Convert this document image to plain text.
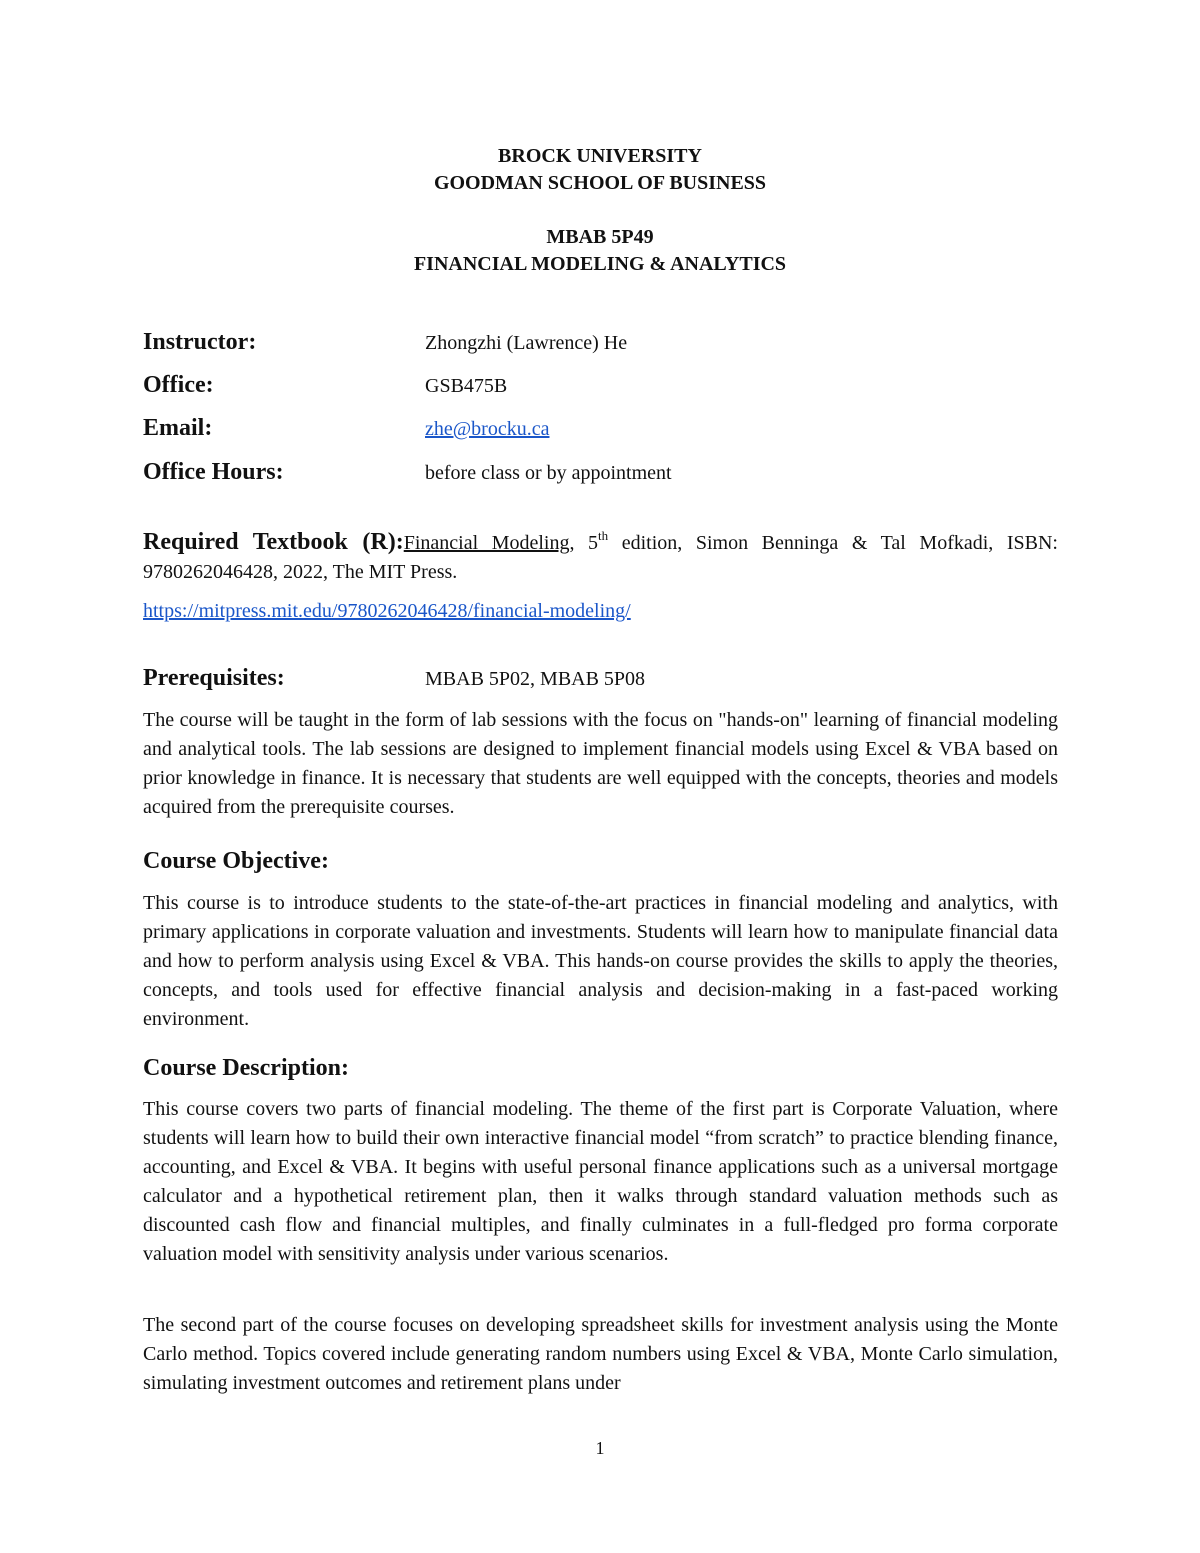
BROCK UNIVERSITY
GOODMAN SCHOOL OF BUSINESS
MBAB 5P49
FINANCIAL MODELING & ANALYTICS
Instructor:	Zhongzhi (Lawrence) He
Office:	GSB475B
Email:	zhe@brocku.ca
Office Hours:	before class or by appointment
Required Textbook (R):Financial Modeling, 5th edition, Simon Benninga & Tal Mofkadi, ISBN: 9780262046428, 2022, The MIT Press.
https://mitpress.mit.edu/9780262046428/financial-modeling/
Prerequisites:	MBAB 5P02, MBAB 5P08
The course will be taught in the form of lab sessions with the focus on "hands-on" learning of financial modeling and analytical tools. The lab sessions are designed to implement financial models using Excel & VBA based on prior knowledge in finance. It is necessary that students are well equipped with the concepts, theories and models acquired from the prerequisite courses.
Course Objective:
This course is to introduce students to the state-of-the-art practices in financial modeling and analytics, with primary applications in corporate valuation and investments. Students will learn how to manipulate financial data and how to perform analysis using Excel & VBA. This hands-on course provides the skills to apply the theories, concepts, and tools used for effective financial analysis and decision-making in a fast-paced working environment.
Course Description:
This course covers two parts of financial modeling. The theme of the first part is Corporate Valuation, where students will learn how to build their own interactive financial model “from scratch” to practice blending finance, accounting, and Excel & VBA. It begins with useful personal finance applications such as a universal mortgage calculator and a hypothetical retirement plan, then it walks through standard valuation methods such as discounted cash flow and financial multiples, and finally culminates in a full-fledged pro forma corporate valuation model with sensitivity analysis under various scenarios.
The second part of the course focuses on developing spreadsheet skills for investment analysis using the Monte Carlo method. Topics covered include generating random numbers using Excel & VBA, Monte Carlo simulation, simulating investment outcomes and retirement plans under
1
